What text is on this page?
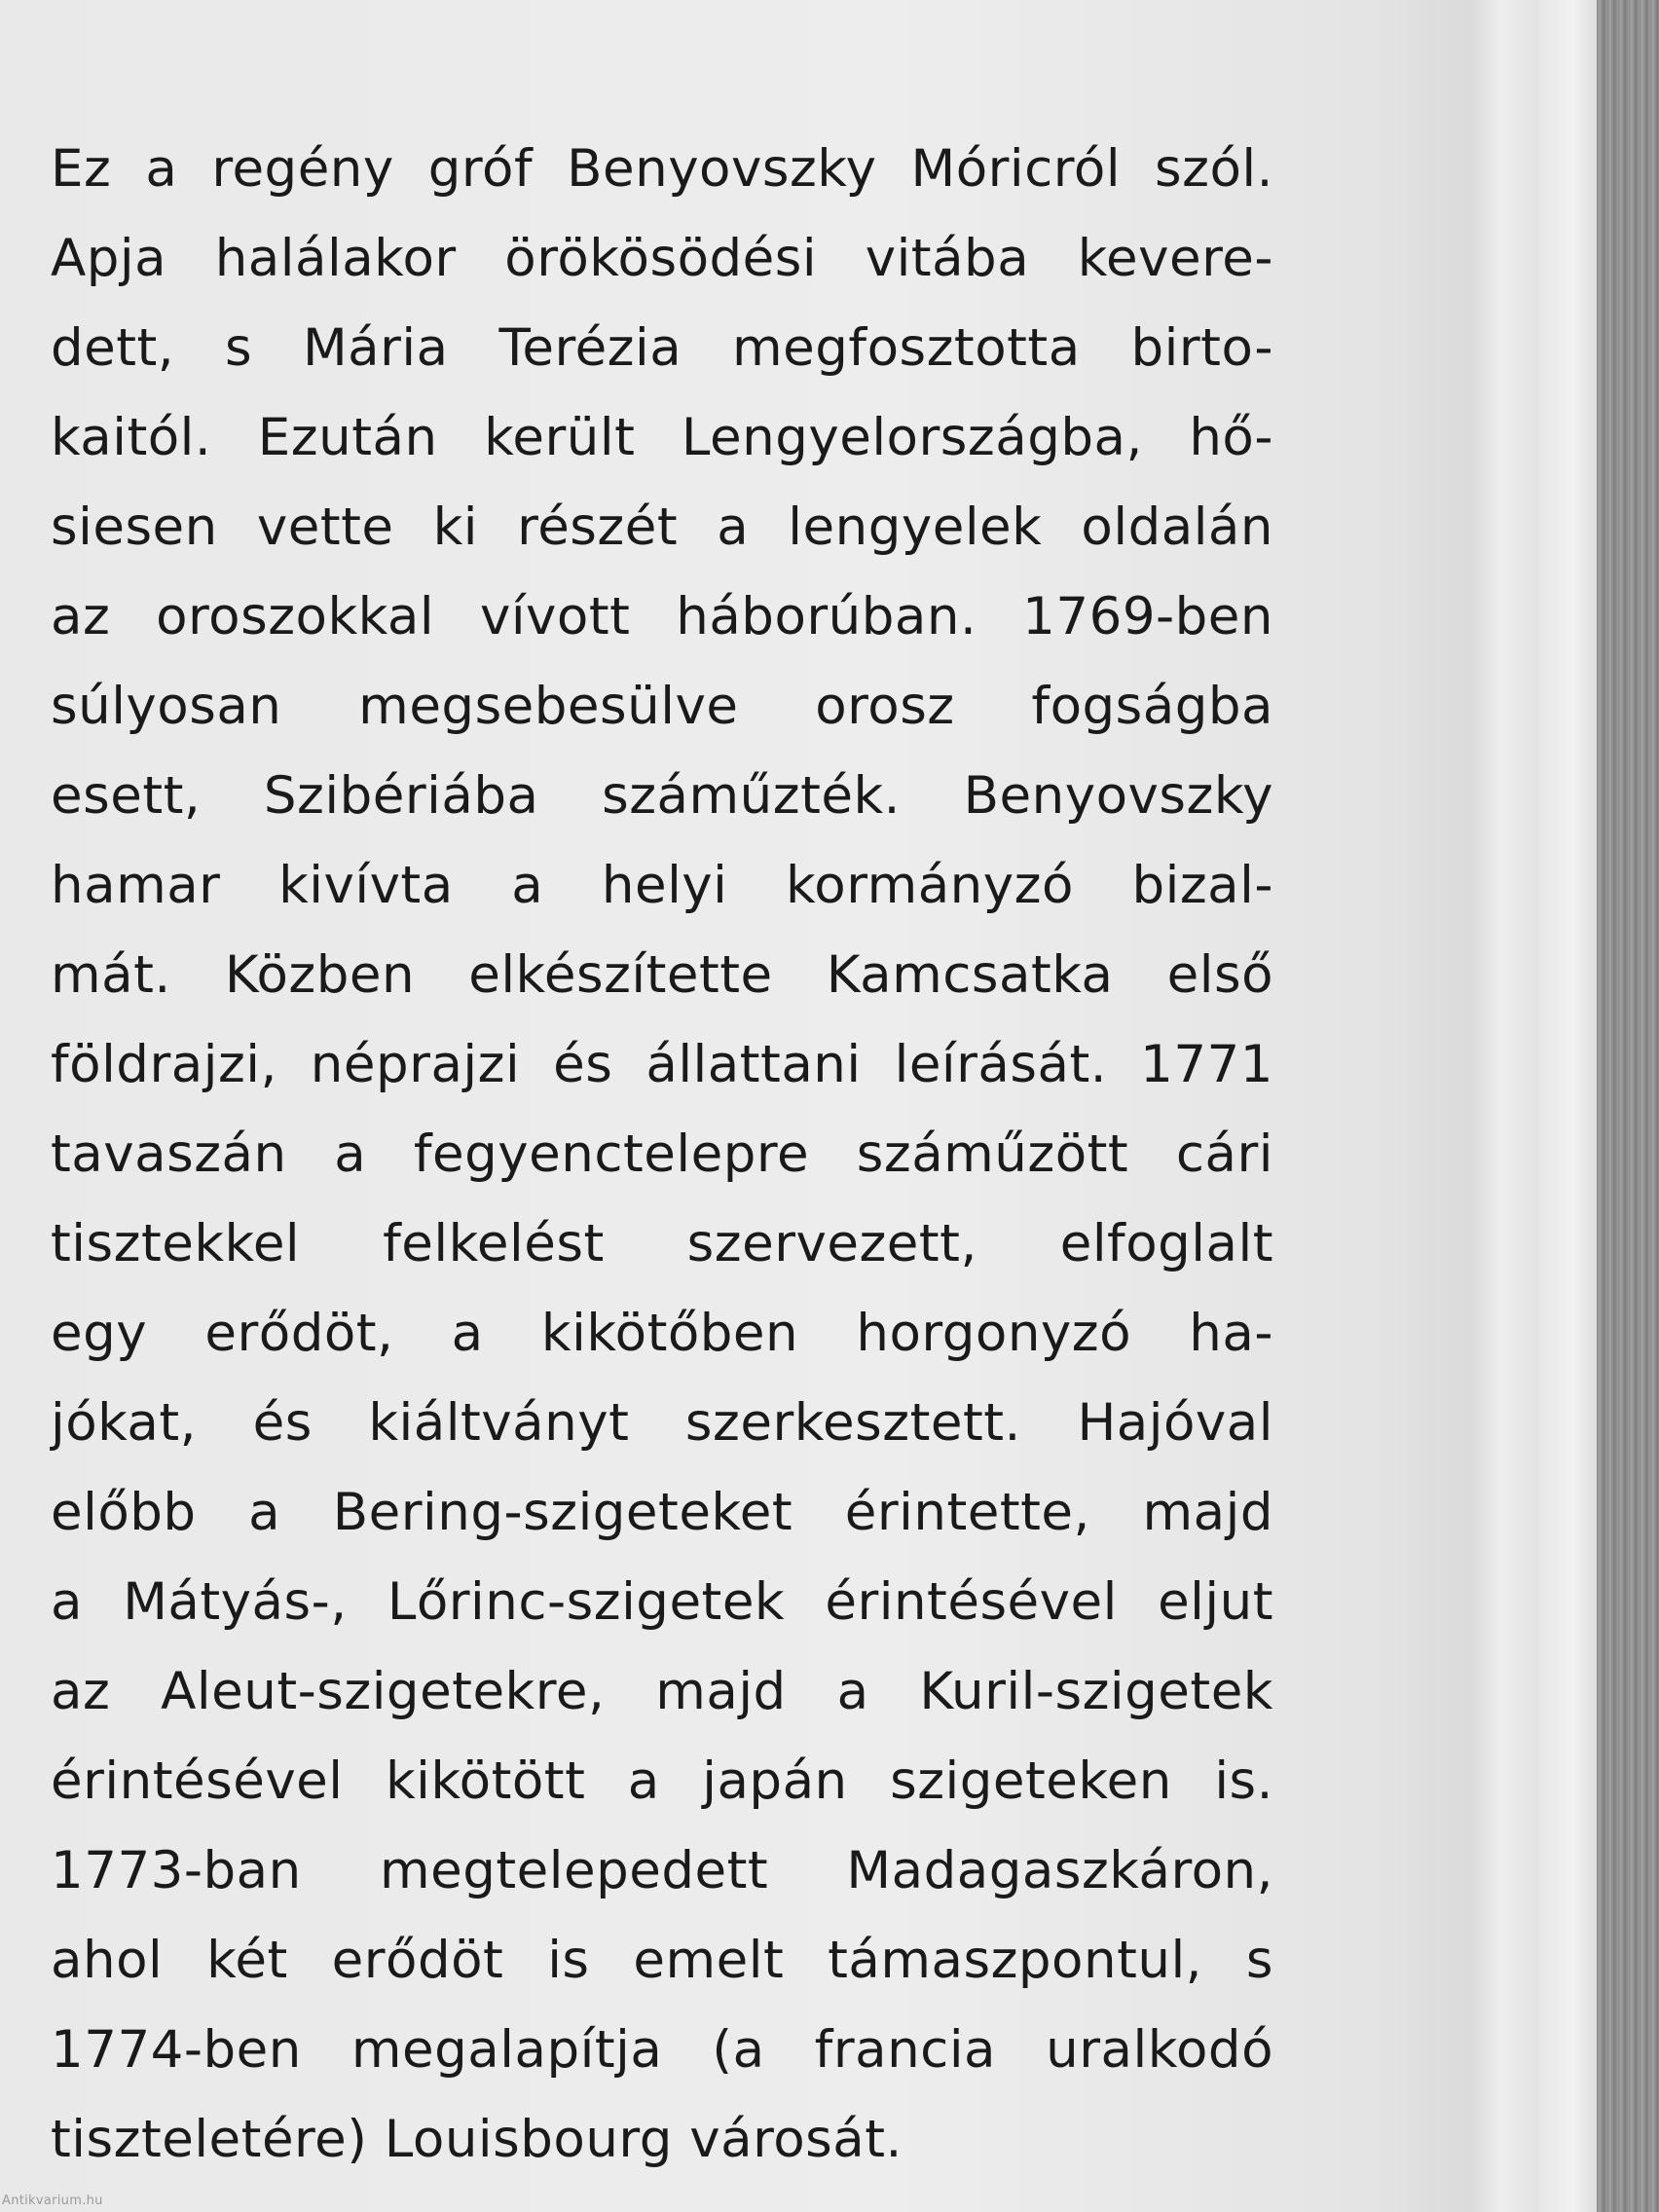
Ez a regény gróf Benyovszky Móricról szól.
Apja halálakor örökösödési vitába kevere-
dett, s Mária Terézia megfosztotta birto-
kaitól. Ezután került Lengyelországba, hő-
siesen vette ki részét a lengyelek oldalán
az oroszokkal vívott háborúban. 1769-ben
súlyosan megsebesülve orosz fogságba
esett, Szibériába száműzték. Benyovszky
hamar kivívta a helyi kormányzó bizal-
mát. Közben elkészítette Kamcsatka első
földrajzi, néprajzi és állattani leírását. 1771
tavaszán a fegyenctelepre száműzött cári
tisztekkel felkelést szervezett, elfoglalt
egy erődöt, a kikötőben horgonyzó ha-
jókat, és kiáltványt szerkesztett. Hajóval
előbb a Bering-szigeteket érintette, majd
a Mátyás-, Lőrinc-szigetek érintésével eljut
az Aleut-szigetekre, majd a Kuril-szigetek
érintésével kikötött a japán szigeteken is.
1773-ban megtelepedett Madagaszkáron,
ahol két erődöt is emelt támaszpontul, s
1774-ben megalapítja (a francia uralkodó
tiszteletére) Louisbourg városát.
Antikvarium.hu
